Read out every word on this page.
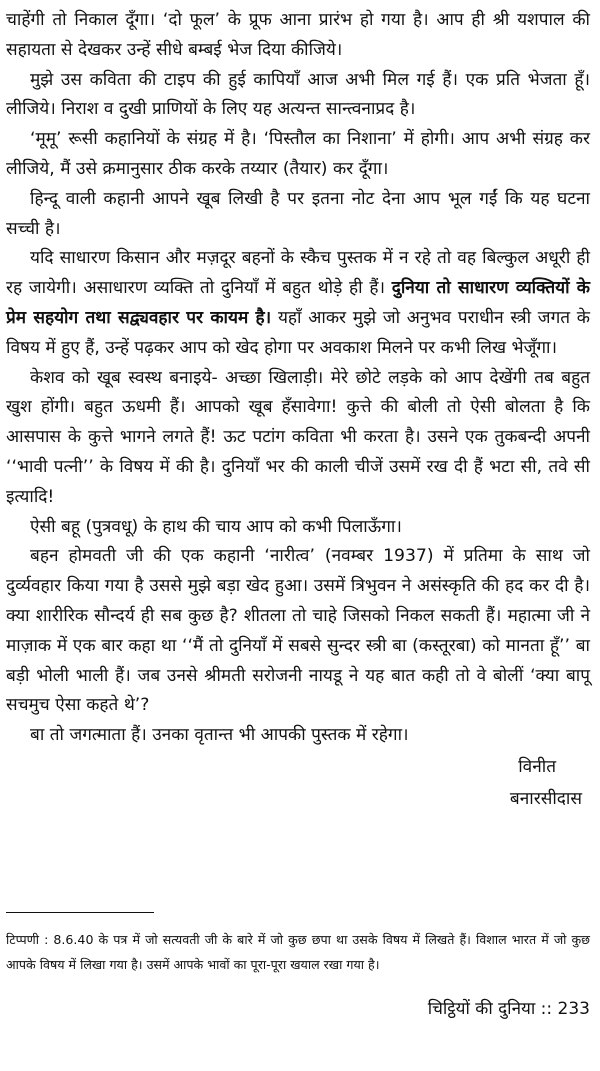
चाहेंगी तो निकाल दूँगा। ‘दो फूल’ के प्रूफ आना प्रारंभ हो गया है। आप ही श्री यशपाल की सहायता से देखकर उन्हें सीधे बम्बई भेज दिया कीजिये।

मुझे उस कविता की टाइप की हुई कापियाँ आज अभी मिल गई हैं। एक प्रति भेजता हूँ। लीजिये। निराश व दुखी प्राणियों के लिए यह अत्यन्त सान्त्वनाप्रद है।

‘मूमू’ रूसी कहानियों के संग्रह में है। ‘पिस्तौल का निशाना’ में होगी। आप अभी संग्रह कर लीजिये, मैं उसे क्रमानुसार ठीक करके तय्यार (तैयार) कर दूँगा।

हिन्दू वाली कहानी आपने खूब लिखी है पर इतना नोट देना आप भूल गईं कि यह घटना सच्ची है।

यदि साधारण किसान और मज़दूर बहनों के स्कैच पुस्तक में न रहे तो वह बिल्कुल अधूरी ही रह जायेगी। असाधारण व्यक्ति तो दुनियाँ में बहुत थोड़े ही हैं। दुनिया तो साधारण व्यक्तियों के प्रेम सहयोग तथा सद्व्यवहार पर कायम है। यहाँ आकर मुझे जो अनुभव पराधीन स्त्री जगत के विषय में हुए हैं, उन्हें पढ़कर आप को खेद होगा पर अवकाश मिलने पर कभी लिख भेजूँगा।

केशव को खूब स्वस्थ बनाइये- अच्छा खिलाड़ी। मेरे छोटे लड़के को आप देखेंगी तब बहुत खुश होंगी। बहुत ऊधमी हैं। आपको खूब हँसावेगा! कुत्ते की बोली तो ऐसी बोलता है कि आसपास के कुत्ते भागने लगते हैं! ऊट पटांग कविता भी करता है। उसने एक तुकबन्दी अपनी ‘‘भावी पत्नी’’ के विषय में की है। दुनियाँ भर की काली चीजें उसमें रख दी हैं भटा सी, तवे सी इत्यादि!

ऐसी बहू (पुत्रवधू) के हाथ की चाय आप को कभी पिलाऊँगा।

बहन होमवती जी की एक कहानी ‘नारीत्व’ (नवम्बर 1937) में प्रतिमा के साथ जो दुर्व्यवहार किया गया है उससे मुझे बड़ा खेद हुआ। उसमें त्रिभुवन ने असंस्कृति की हद कर दी है। क्या शारीरिक सौन्दर्य ही सब कुछ है? शीतला तो चाहे जिसको निकल सकती हैं। महात्मा जी ने माज़ाक में एक बार कहा था ‘‘मैं तो दुनियाँ में सबसे सुन्दर स्त्री बा (कस्तूरबा) को मानता हूँ’’ बा बड़ी भोली भाली हैं। जब उनसे श्रीमती सरोजनी नायडू ने यह बात कही तो वे बोलीं ‘क्या बापू सचमुच ऐसा कहते थे’?

बा तो जगत्माता हैं। उनका वृतान्त भी आपकी पुस्तक में रहेगा।

विनीत

बनारसीदास

टिप्पणी : 8.6.40 के पत्र में जो सत्यवती जी के बारे में जो कुछ छपा था उसके विषय में लिखते हैं। विशाल भारत में जो कुछ आपके विषय में लिखा गया है। उसमें आपके भावों का पूरा-पूरा खयाल रखा गया है।

चिट्ठियों की दुनिया :: 233
